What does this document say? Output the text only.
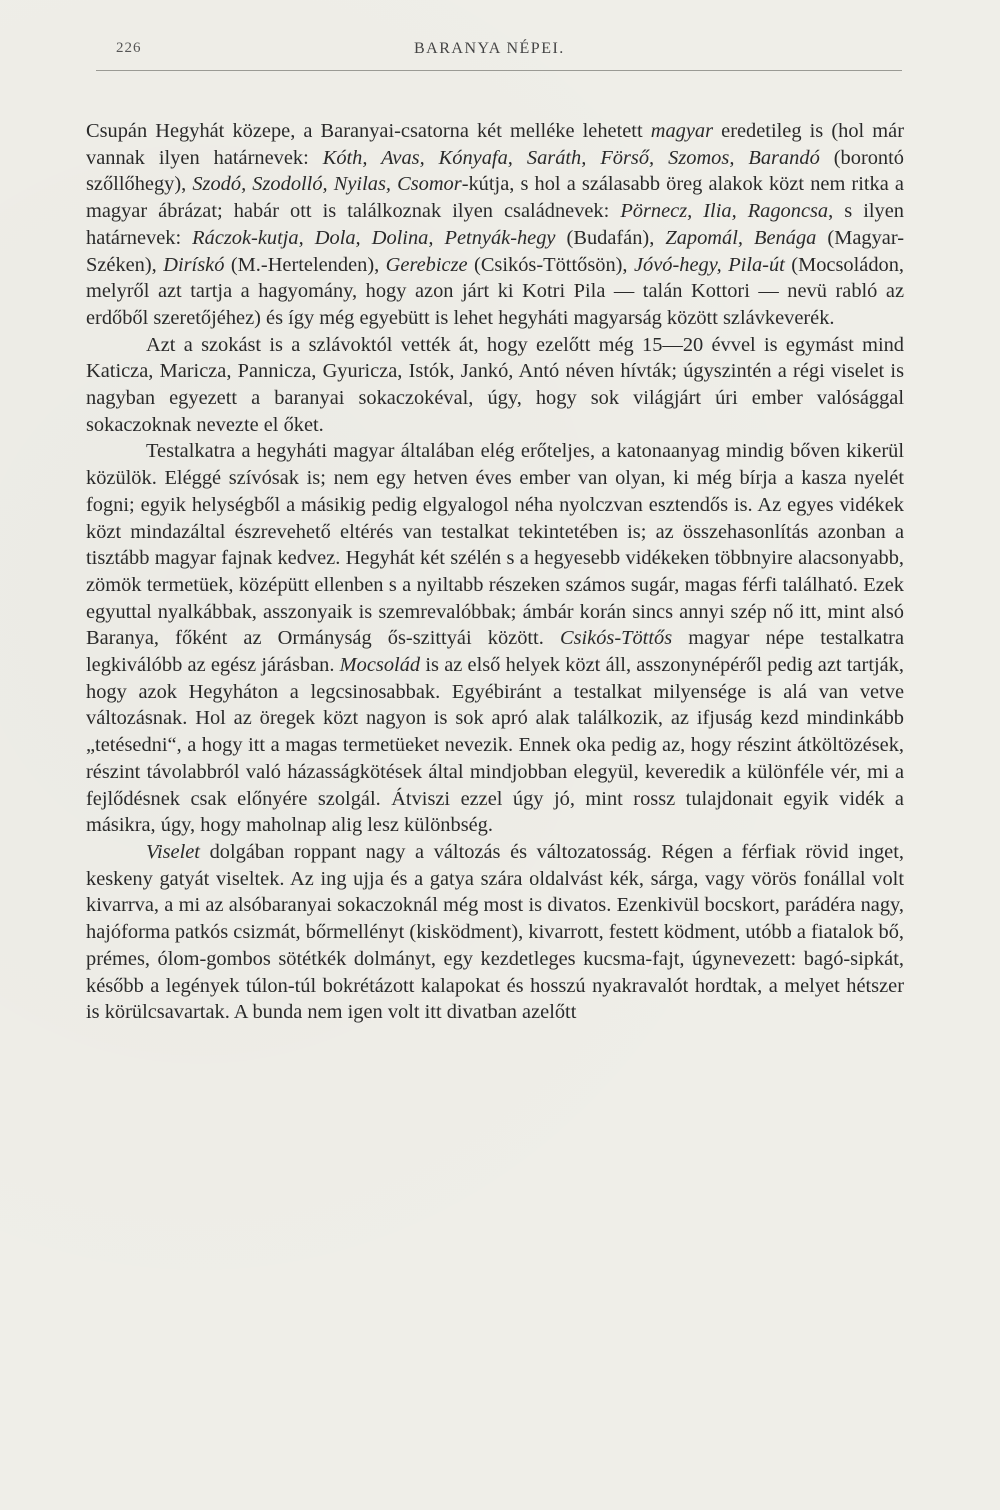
226	BARANYA NÉPEI.

Csupán Hegyhát közepe, a Baranyai-csatorna két melléke lehetett magyar eredetileg is (hol már vannak ilyen határnevek: Kóth, Avas, Kónyafa, Saráth, Förső, Szomos, Barandó (borontó szőllőhegy), Szodó, Szodolló, Nyilas, Csomor-kútja, s hol a szálasabb öreg alakok közt nem ritka a magyar ábrázat; habár ott is találkoznak ilyen családnevek: Pörnecz, Ilia, Ragoncsa, s ilyen határnevek: Ráczok-kutja, Dola, Dolina, Petnyák-hegy (Budafán), Zapomál, Benága (Magyar-Széken), Dirískó (M.-Hertelenden), Gerebicze (Csikós-Töttősön), Jóvó-hegy, Pila-út (Mocsoládon, melyről azt tartja a hagyomány, hogy azon járt ki Kotri Pila — talán Kottori — nevü rabló az erdőből szeretőjéhez) és így még egyebütt is lehet hegyháti magyarság között szlávkeverék.

Azt a szokást is a szlávoktól vették át, hogy ezelőtt még 15—20 évvel is egymást mind Katicza, Maricza, Pannicza, Gyuricza, Istók, Jankó, Antó néven hívták; úgyszintén a régi viselet is nagyban egyezett a baranyai sokaczokéval, úgy, hogy sok világjárt úri ember valósággal sokaczoknak nevezte el őket.

Testalkatra a hegyháti magyar általában elég erőteljes, a katonaanyag mindig bőven kikerül közülök. Eléggé szívósak is; nem egy hetven éves ember van olyan, ki még bírja a kasza nyelét fogni; egyik helységből a másikig pedig elgyalogol néha nyolczvan esztendős is. Az egyes vidékek közt mindazáltal észrevehető eltérés van testalkat tekintetében is; az összehasonlítás azonban a tisztább magyar fajnak kedvez. Hegyhát két szélén s a hegyesebb vidékeken többnyire alacsonyabb, zömök termetüek, középütt ellenben s a nyiltabb részeken számos sugár, magas férfi található. Ezek egyuttal nyalkábbak, asszonyaik is szemrevalóbbak; ámbár korán sincs annyi szép nő itt, mint alsó Baranya, főként az Ormányság ős-szittyái között. Csikós-Töttős magyar népe testalkatra legkiválóbb az egész járásban. Mocsolád is az első helyek közt áll, asszonynépéről pedig azt tartják, hogy azok Hegyháton a legcsinosabbak. Egyébiránt a testalkat milyensége is alá van vetve változásnak. Hol az öregek közt nagyon is sok apró alak találkozik, az ifjuság kezd mindinkább „tetésedni“, a hogy itt a magas termetüeket nevezik. Ennek oka pedig az, hogy részint átköltözések, részint távolabbról való házasságkötések által mindjobban elegyül, keveredik a különféle vér, mi a fejlődésnek csak előnyére szolgál. Átviszi ezzel úgy jó, mint rossz tulajdonait egyik vidék a másikra, úgy, hogy maholnap alig lesz különbség.

Viselet dolgában roppant nagy a változás és változatosság. Régen a férfiak rövid inget, keskeny gatyát viseltek. Az ing ujja és a gatya szára oldalvást kék, sárga, vagy vörös fonállal volt kivarrva, a mi az alsóbaranyai sokaczoknál még most is divatos. Ezenkivül bocskort, parádéra nagy, hajóforma patkós csizmát, bőrmellényt (kisködment), kivarrott, festett ködment, utóbb a fiatalok bő, prémes, ólom-gombos sötétkék dolmányt, egy kezdetleges kucsma-fajt, úgynevezett: bagó-sipkát, később a legények túlon-túl bokrétázott kalapokat és hosszú nyakravalót hordtak, a melyet hétszer is körülcsavartak. A bunda nem igen volt itt divatban azelőtt
